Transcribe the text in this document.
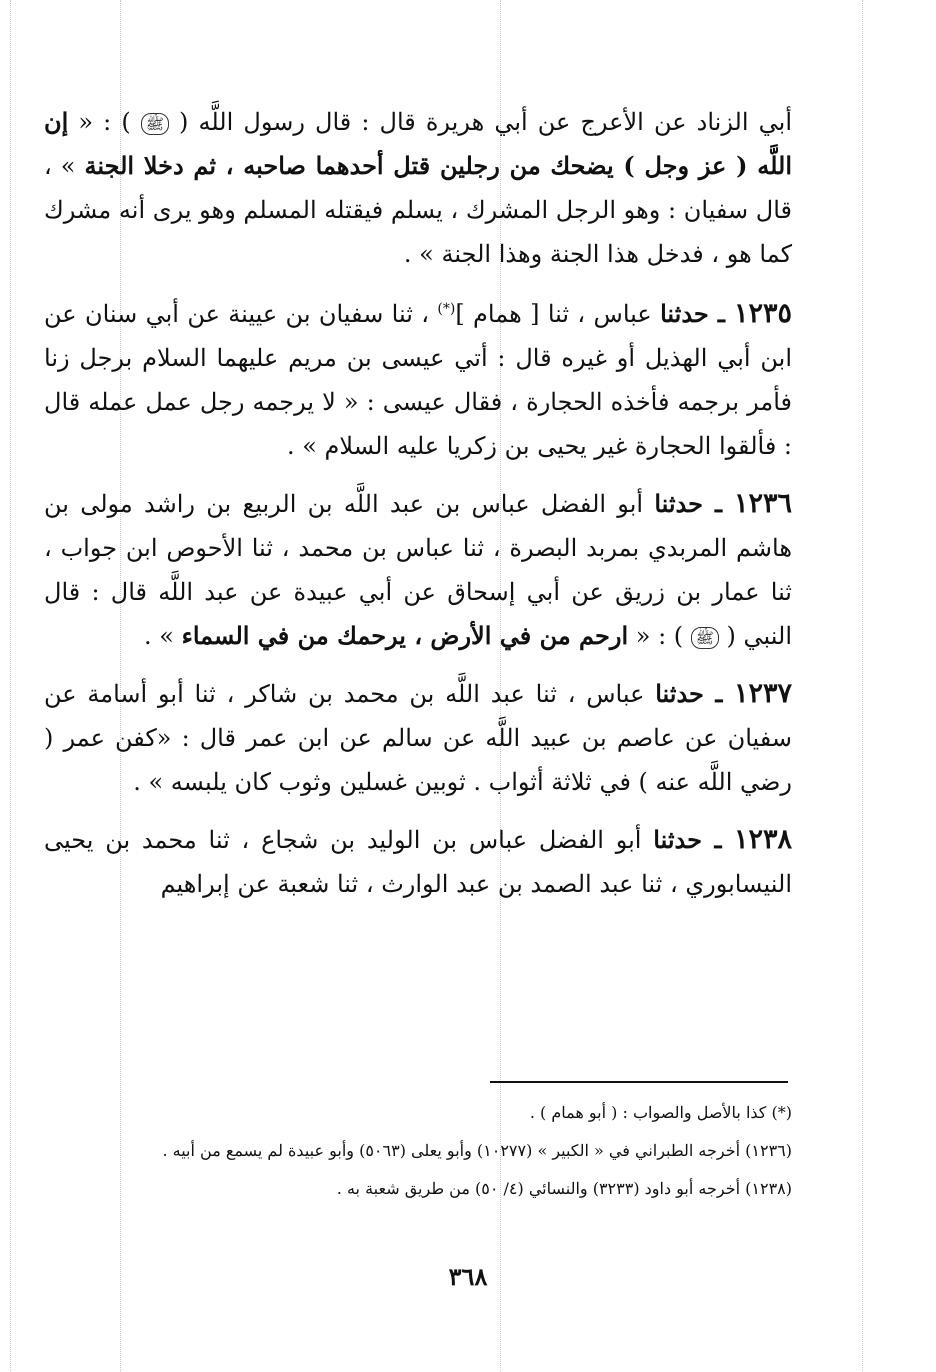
أبي الزناد عن الأعرج عن أبي هريرة قال : قال رسول اللَّه ( ﷺ ) : « إن اللَّه ( عز وجل ) يضحك من رجلين قتل أحدهما صاحبه ، ثم دخلا الجنة » ، قال سفيان : وهو الرجل المشرك ، يسلم فيقتله المسلم وهو يرى أنه مشرك كما هو ، فدخل هذا الجنة وهذا الجنة » .

١٢٣٥ ـ حدثنا عباس ، ثنا [ همام ](*) ، ثنا سفيان بن عيينة عن أبي سنان عن ابن أبي الهذيل أو غيره قال : أتي عيسى بن مريم عليهما السلام برجل زنا فأمر برجمه فأخذه الحجارة ، فقال عيسى : « لا يرجمه رجل عمل عمله قال : فألقوا الحجارة غير يحيى بن زكريا عليه السلام » .

١٢٣٦ ـ حدثنا أبو الفضل عباس بن عبد اللَّه بن الربيع بن راشد مولى بن هاشم المربدي بمربد البصرة ، ثنا عباس بن محمد ، ثنا الأحوص ابن جواب ، ثنا عمار بن زريق عن أبي إسحاق عن أبي عبيدة عن عبد اللَّه قال : قال النبي ( ﷺ ) : « ارحم من في الأرض ، يرحمك من في السماء » .

١٢٣٧ ـ حدثنا عباس ، ثنا عبد اللَّه بن محمد بن شاكر ، ثنا أبو أسامة عن سفيان عن عاصم بن عبيد اللَّه عن سالم عن ابن عمر قال : «كفن عمر ( رضي اللَّه عنه ) في ثلاثة أثواب . ثوبين غسلين وثوب كان يلبسه » .

١٢٣٨ ـ حدثنا أبو الفضل عباس بن الوليد بن شجاع ، ثنا محمد بن يحيى النيسابوري ، ثنا عبد الصمد بن عبد الوارث ، ثنا شعبة عن إبراهيم

(*) كذا بالأصل والصواب : ( أبو همام ) .

(١٢٣٦) أخرجه الطبراني في « الكبير » (١٠٢٧٧) وأبو يعلى (٥٠٦٣) وأبو عبيدة لم يسمع من أبيه .

(١٢٣٨) أخرجه أبو داود (٣٢٣٣) والنسائي (٤/ ٥٠) من طريق شعبة به .

٣٦٨
